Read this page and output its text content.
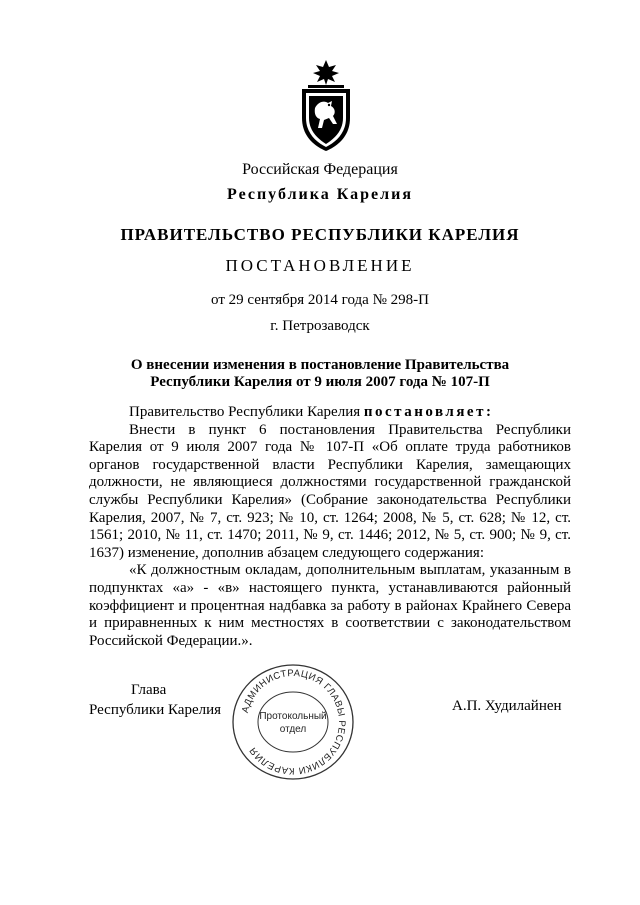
Российская Федерация
Республика Карелия
ПРАВИТЕЛЬСТВО РЕСПУБЛИКИ КАРЕЛИЯ
ПОСТАНОВЛЕНИЕ
от 29 сентября 2014 года № 298-П
г. Петрозаводск
О внесении изменения в постановление Правительства
Республики Карелия от 9 июля 2007 года № 107-П

Правительство Республики Карелия постановляет:

Внести в пункт 6 постановления Правительства Республики Карелия от 9 июля 2007 года № 107-П «Об оплате труда работников органов государственной власти Республики Карелия, замещающих должности, не являющиеся должностями государственной гражданской службы Республики Карелия» (Собрание законодательства Республики Карелия, 2007, № 7, ст. 923; № 10, ст. 1264; 2008, № 5, ст. 628; № 12, ст. 1561; 2010, № 11, ст. 1470; 2011, № 9, ст. 1446; 2012, № 5, ст. 900; № 9, ст. 1637) изменение, дополнив абзацем следующего содержания:

«К должностным окладам, дополнительным выплатам, указанным в подпунктах «а» - «в» настоящего пункта, устанавливаются районный коэффициент и процентная надбавка за работу в районах Крайнего Севера и приравненных к ним местностях в соответствии с законодательством Российской Федерации.».

Глава
Республики Карелия АДМИНИСТРАЦИЯ ГЛАВЫ РЕСПУБЛИКИ КАРЕЛИЯ
Протокольный
отдел
А.П. Худилайнен
